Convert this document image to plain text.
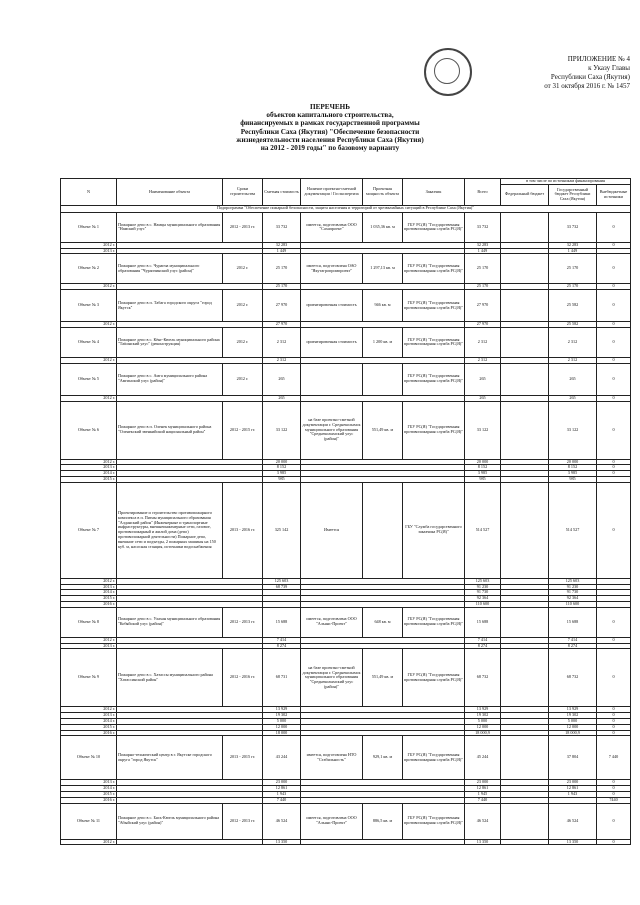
ПРИЛОЖЕНИЕ № 4
к Указу Главы
Республики Саха (Якутия)
от 31 октября 2016 г. № 1457
ПЕРЕЧЕНЬ
объектов капитального строительства,
финансируемых в рамках государственной программы
Республики Саха (Якутия) "Обеспечение безопасности
жизнедеятельности населения Республики Саха (Якутия)
на 2012 - 2019 годы" по базовому варианту
N	Наименование объекта	Сроки строительства	Сметная стоимость	Наличие проектно-сметной документации / Госэкспертиза	Проектная мощность объекта	Заказчик	Всего	в том числе по источникам финансирования		
								Федеральный бюджет	Государственный бюджет Республики Саха (Якутия)	Внебюджетные источники
Подпрограмма "Обеспечение пожарной безопасности, защита населения и территорий от чрезвычайных ситуаций в Республике Саха (Якутия)"										
Объект № 1	Пожарное депо в с. Намцы муниципального образования "Намский улус"	2012 - 2013 гг.	33 732	имеется, подготовлена ООО "Сахапроект"	1 035,36 кв. м	ГБУ РС(Я) "Государственная противопожарная служба РС(Я)"	33 732		33 732	0
2012 г.			32 283				32 283		32 283	0
2013 г.			1 449				1 449		1 449	
Объект № 2	Пожарное депо в с. Чурапча муниципального образования "Чурапчинский улус (район)"	2012 г.	25 170	имеется, подготовлена ОАО "Якутагропромпроект"	1 297,13 кв. м	ГБУ РС(Я) "Государственная противопожарная служба РС(Я)"	25 170		25 170	0
2012 г.			25 170				25 170		25 170	0
Объект № 3	Пожарное депо в п. Табага городского округа "город Якутск"	2012 г.	27 970	ориентировочная стоимость	946 кв. м	ГБУ РС(Я) "Государственная противопожарная служба РС(Я)"	27 970		25 582	0
2012 г.			27 970				27 970		25 582	0
Объект № 4	Пожарное депо в с. Кёнг-Кюель муниципального района "Тattинский улус" (реконструкция)	2012 г.	2 312	ориентировочная стоимость	1 200 кв. м	ГБУ РС(Я) "Государственная противопожарная служба РС(Я)"	2 312		2 312	0
2012 г.			2 312				2 312		2 312	0
Объект № 5	Пожарное депо в с. Амга муниципального района "Амгинский улус (район)"	2012 г.	265			ГБУ РС(Я) "Государственная противопожарная служба РС(Я)"	265		265	0
2012 г.			265				265		265	0
Объект № 6	Пожарное депо в п. Оленек муниципального района "Оленекский эвенкийский национальный район"	2012 - 2015 гг.	33 122	на базе проектно-сметной документации г. Среднеколымск муниципального образования "Среднеколымский улус (район)"	551,49 кв. м	ГБУ РС(Я) "Государственная противопожарная служба РС(Я)"	33 122		33 122	0
2012 г.			20 000				20 000		20 000	0
2013 г.			8 152				8 152		8 152	0
2014 г.			3 985				3 985		3 985	0
2015 г.			985				985		985	
Объект № 7	Проектирование и строительство противопожарного комплекса в п. Пятны муниципального образования "Алданский район" (Инженерные и транспортные инфраструктуры, внешнеинженерные сети, газовое, противопожарный и жилой дома (депо) противопожарной деятельности) Пожарное депо, внешние сети и подъезды, 2 пожарных машины на 150 куб. м, насосная станция, источники водоснабжения	2013 - 2016 гг.	325 142	Имеется		ГБУ "Служба государственного заказчика РС(Я)"	514 527		514 527	0
2012 г.			125 603				125 603		125 603	
2013 г.			68 739				91 230		91 230	
2014 г.							91 730		91 730	
2015 г.							92 364		92 364	
2016 г.							110 600		110 600	
Объект № 8	Пожарное депо в с. Улахан муниципального образования "Кобяйский улус (район)"	2012 - 2013 гг.	15 688	имеется, подготовлена ООО "Альянс-Проект"	648 кв. м	ГБУ РС(Я) "Государственная противопожарная служба РС(Я)"	15 688		15 688	0
2012 г.			7 414				7 414		7 414	0
2013 г.			8 274				8 274		8 274	
Объект № 9	Пожарное депо в с. Хатассы муниципального района "Хатассинский район"	2012 - 2016 гг.	68 731	на базе проектно-сметной документации г. Среднеколымск муниципального образования "Среднеколымский улус (район)"	551,49 кв. м	ГБУ РС(Я) "Государственная противопожарная служба РС(Я)"	68 732		68 732	0
2012 г.			13 929				13 929		13 929	0
2013 г.			19 302				19 302		19 302	0
2014 г.			5 000				5 000		5 000	0
2015 г.			12 000				12 000		12 000	0
2016 г.			18 000				18 000,9		18 000,9	0
Объект № 10	Пожарно-технический центр в г. Якутске городского округа "город Якутск"	2013 - 2015 гг.	43 244	имеется, подготовлена НТО "Стабильность"	929,1 кв. м	ГБУ РС(Я) "Государственная противопожарная служба РС(Я)"	45 244		37 804	7 440
2013 г.			23 000				23 000		23 000	0
2014 г.			12 861				12 861		12 861	0
2015 г.			1 943				1 945		1 943	0
2016 г.			7 440				7 440			7440
Объект № 11	Пожарное депо в с. Бясь-Кюель муниципального района "Абыйский улус (район)"	2012 - 2013 гг.	46 524	имеется, подготовлена ООО "Альянс-Проект"	886,5 кв. м	ГБУ РС(Я) "Государственная противопожарная служба РС(Я)"	46 524		46 524	0
2012 г.			13 350				13 350		13 350	0
